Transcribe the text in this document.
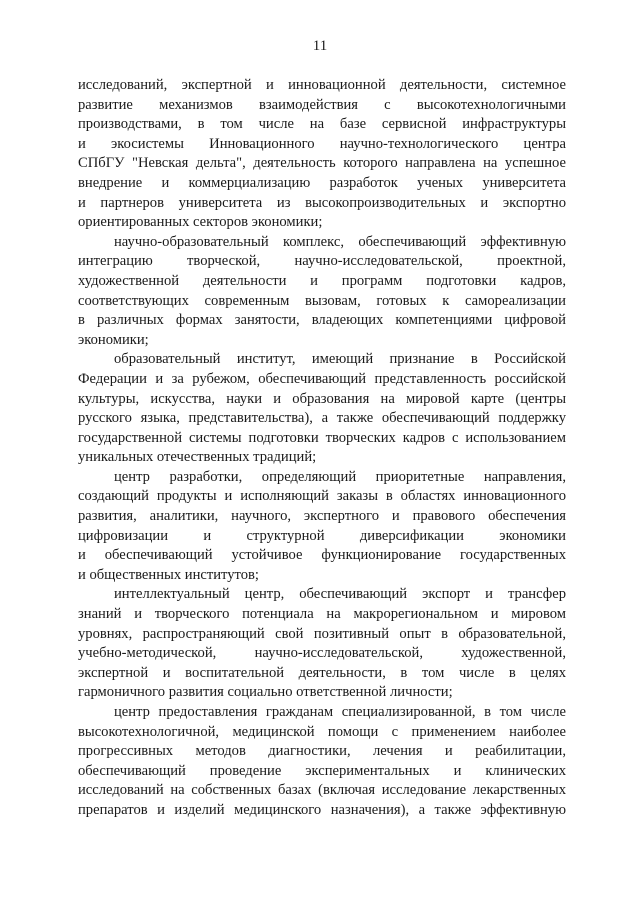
11
исследований, экспертной и инновационной деятельности, системное
развитие механизмов взаимодействия с высокотехнологичными
производствами, в том числе на базе сервисной инфраструктуры
и экосистемы Инновационного научно-технологического центра
СПбГУ "Невская дельта", деятельность которого направлена на успешное
внедрение и коммерциализацию разработок ученых университета
и партнеров университета из высокопроизводительных и экспортно
ориентированных секторов экономики;
научно-образовательный комплекс, обеспечивающий эффективную
интеграцию творческой, научно-исследовательской, проектной,
художественной деятельности и программ подготовки кадров,
соответствующих современным вызовам, готовых к самореализации
в различных формах занятости, владеющих компетенциями цифровой
экономики;
образовательный институт, имеющий признание в Российской
Федерации и за рубежом, обеспечивающий представленность российской
культуры, искусства, науки и образования на мировой карте (центры
русского языка, представительства), а также обеспечивающий поддержку
государственной системы подготовки творческих кадров с использованием
уникальных отечественных традиций;
центр разработки, определяющий приоритетные направления,
создающий продукты и исполняющий заказы в областях инновационного
развития, аналитики, научного, экспертного и правового обеспечения
цифровизации и структурной диверсификации экономики
и обеспечивающий устойчивое функционирование государственных
и общественных институтов;
интеллектуальный центр, обеспечивающий экспорт и трансфер
знаний и творческого потенциала на макрорегиональном и мировом
уровнях, распространяющий свой позитивный опыт в образовательной,
учебно-методической, научно-исследовательской, художественной,
экспертной и воспитательной деятельности, в том числе в целях
гармоничного развития социально ответственной личности;
центр предоставления гражданам специализированной, в том числе
высокотехнологичной, медицинской помощи с применением наиболее
прогрессивных методов диагностики, лечения и реабилитации,
обеспечивающий проведение экспериментальных и клинических
исследований на собственных базах (включая исследование лекарственных
препаратов и изделий медицинского назначения), а также эффективную
